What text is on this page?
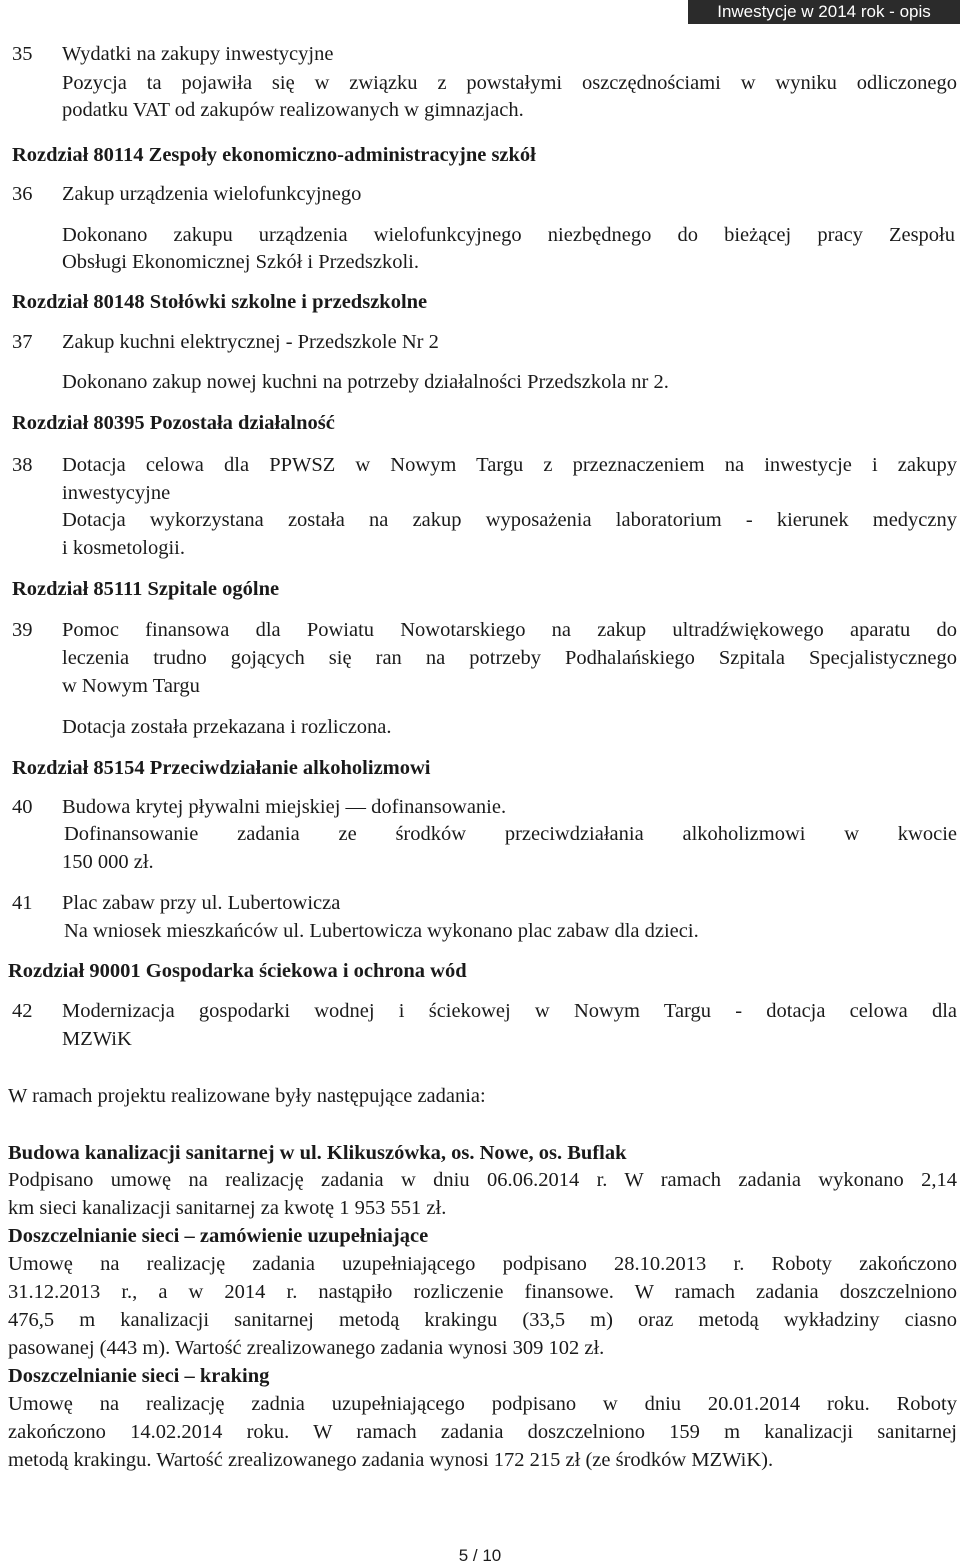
Inwestycje w 2014 rok - opis
35 Wydatki na zakupy inwestycyjne
Pozycja ta pojawiła się w związku z powstałymi oszczędnościami w wyniku odliczonego
podatku VAT od zakupów realizowanych w gimnazjach.
Rozdział 80114 Zespoły ekonomiczno-administracyjne szkół
36 Zakup urządzenia wielofunkcyjnego
Dokonano zakupu urządzenia wielofunkcyjnego niezbędnego do bieżącej pracy Zespołu
Obsługi Ekonomicznej Szkół i Przedszkoli.
Rozdział 80148 Stołówki szkolne i przedszkolne
37 Zakup kuchni elektrycznej - Przedszkole Nr 2
Dokonano zakup nowej kuchni na potrzeby działalności Przedszkola nr 2.
Rozdział 80395 Pozostała działalność
38 Dotacja celowa dla PPWSZ w Nowym Targu z przeznaczeniem na inwestycje i zakupy
inwestycyjne
Dotacja wykorzystana została na zakup wyposażenia laboratorium - kierunek medyczny
i kosmetologii.
Rozdział 85111 Szpitale ogólne
39 Pomoc finansowa dla Powiatu Nowotarskiego na zakup ultradźwiękowego aparatu do
leczenia trudno gojących się ran na potrzeby Podhalańskiego Szpitala Specjalistycznego
w Nowym Targu
Dotacja została przekazana i rozliczona.
Rozdział 85154 Przeciwdziałanie alkoholizmowi
40 Budowa krytej pływalni miejskiej — dofinansowanie.
Dofinansowanie zadania ze środków przeciwdziałania alkoholizmowi w kwocie
150 000 zł.
41 Plac zabaw przy ul. Lubertowicza
Na wniosek mieszkańców ul. Lubertowicza wykonano plac zabaw dla dzieci.
Rozdział 90001 Gospodarka ściekowa i ochrona wód
42 Modernizacja gospodarki wodnej i ściekowej w Nowym Targu - dotacja celowa dla
MZWiK
W ramach projektu realizowane były następujące zadania:
Budowa kanalizacji sanitarnej w ul. Klikuszówka, os. Nowe, os. Buflak
Podpisano umowę na realizację zadania w dniu 06.06.2014 r. W ramach zadania wykonano 2,14
km sieci kanalizacji sanitarnej za kwotę 1 953 551 zł.
Doszczelnianie sieci – zamówienie uzupełniające
Umowę na realizację zadania uzupełniającego podpisano 28.10.2013 r. Roboty zakończono
31.12.2013 r., a w 2014 r. nastąpiło rozliczenie finansowe. W ramach zadania doszczelniono
476,5 m kanalizacji sanitarnej metodą krakingu (33,5 m) oraz metodą wykładziny ciasno
pasowanej (443 m). Wartość zrealizowanego zadania wynosi 309 102 zł.
Doszczelnianie sieci – kraking
Umowę na realizację zadnia uzupełniającego podpisano w dniu 20.01.2014 roku. Roboty
zakończono 14.02.2014 roku. W ramach zadania doszczelniono 159 m kanalizacji sanitarnej
metodą krakingu. Wartość zrealizowanego zadania wynosi 172 215 zł (ze środków MZWiK).
5 / 10
